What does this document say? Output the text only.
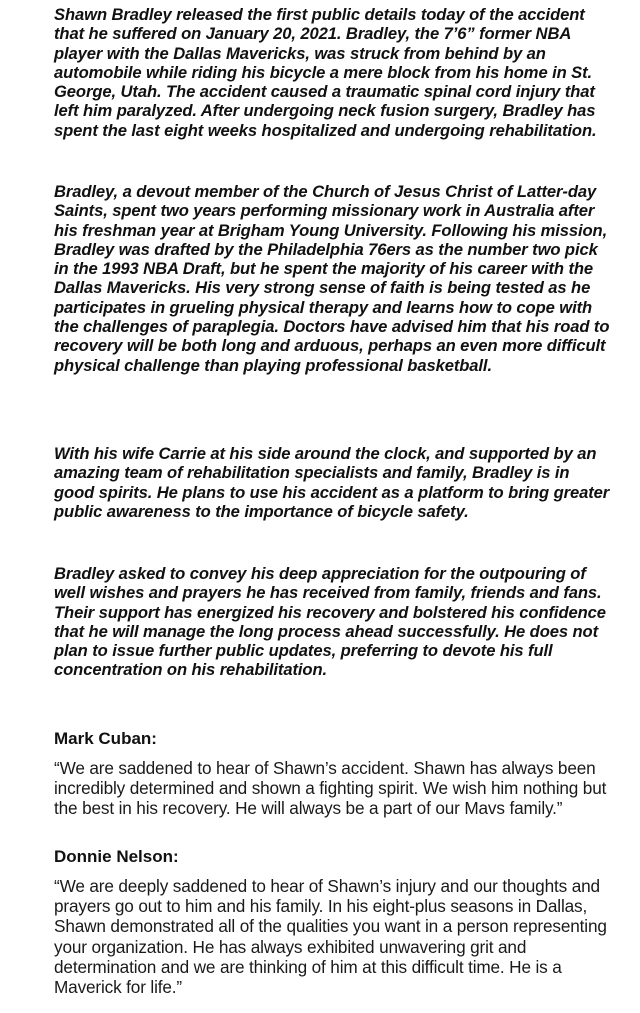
Shawn Bradley released the first public details today of the accident that he suffered on January 20, 2021. Bradley, the 7’6” former NBA player with the Dallas Mavericks, was struck from behind by an automobile while riding his bicycle a mere block from his home in St. George, Utah. The accident caused a traumatic spinal cord injury that left him paralyzed. After undergoing neck fusion surgery, Bradley has spent the last eight weeks hospitalized and undergoing rehabilitation.

Bradley, a devout member of the Church of Jesus Christ of Latter-day Saints, spent two years performing missionary work in Australia after his freshman year at Brigham Young University. Following his mission, Bradley was drafted by the Philadelphia 76ers as the number two pick in the 1993 NBA Draft, but he spent the majority of his career with the Dallas Mavericks. His very strong sense of faith is being tested as he participates in grueling physical therapy and learns how to cope with the challenges of paraplegia. Doctors have advised him that his road to recovery will be both long and arduous, perhaps an even more difficult physical challenge than playing professional basketball.

With his wife Carrie at his side around the clock, and supported by an amazing team of rehabilitation specialists and family, Bradley is in good spirits. He plans to use his accident as a platform to bring greater public awareness to the importance of bicycle safety.

Bradley asked to convey his deep appreciation for the outpouring of well wishes and prayers he has received from family, friends and fans. Their support has energized his recovery and bolstered his confidence that he will manage the long process ahead successfully. He does not plan to issue further public updates, preferring to devote his full concentration on his rehabilitation.

Mark Cuban:

“We are saddened to hear of Shawn’s accident. Shawn has always been incredibly determined and shown a fighting spirit. We wish him nothing but the best in his recovery. He will always be a part of our Mavs family.”

Donnie Nelson:

“We are deeply saddened to hear of Shawn’s injury and our thoughts and prayers go out to him and his family. In his eight-plus seasons in Dallas, Shawn demonstrated all of the qualities you want in a person representing your organization. He has always exhibited unwavering grit and determination and we are thinking of him at this difficult time. He is a Maverick for life.”
